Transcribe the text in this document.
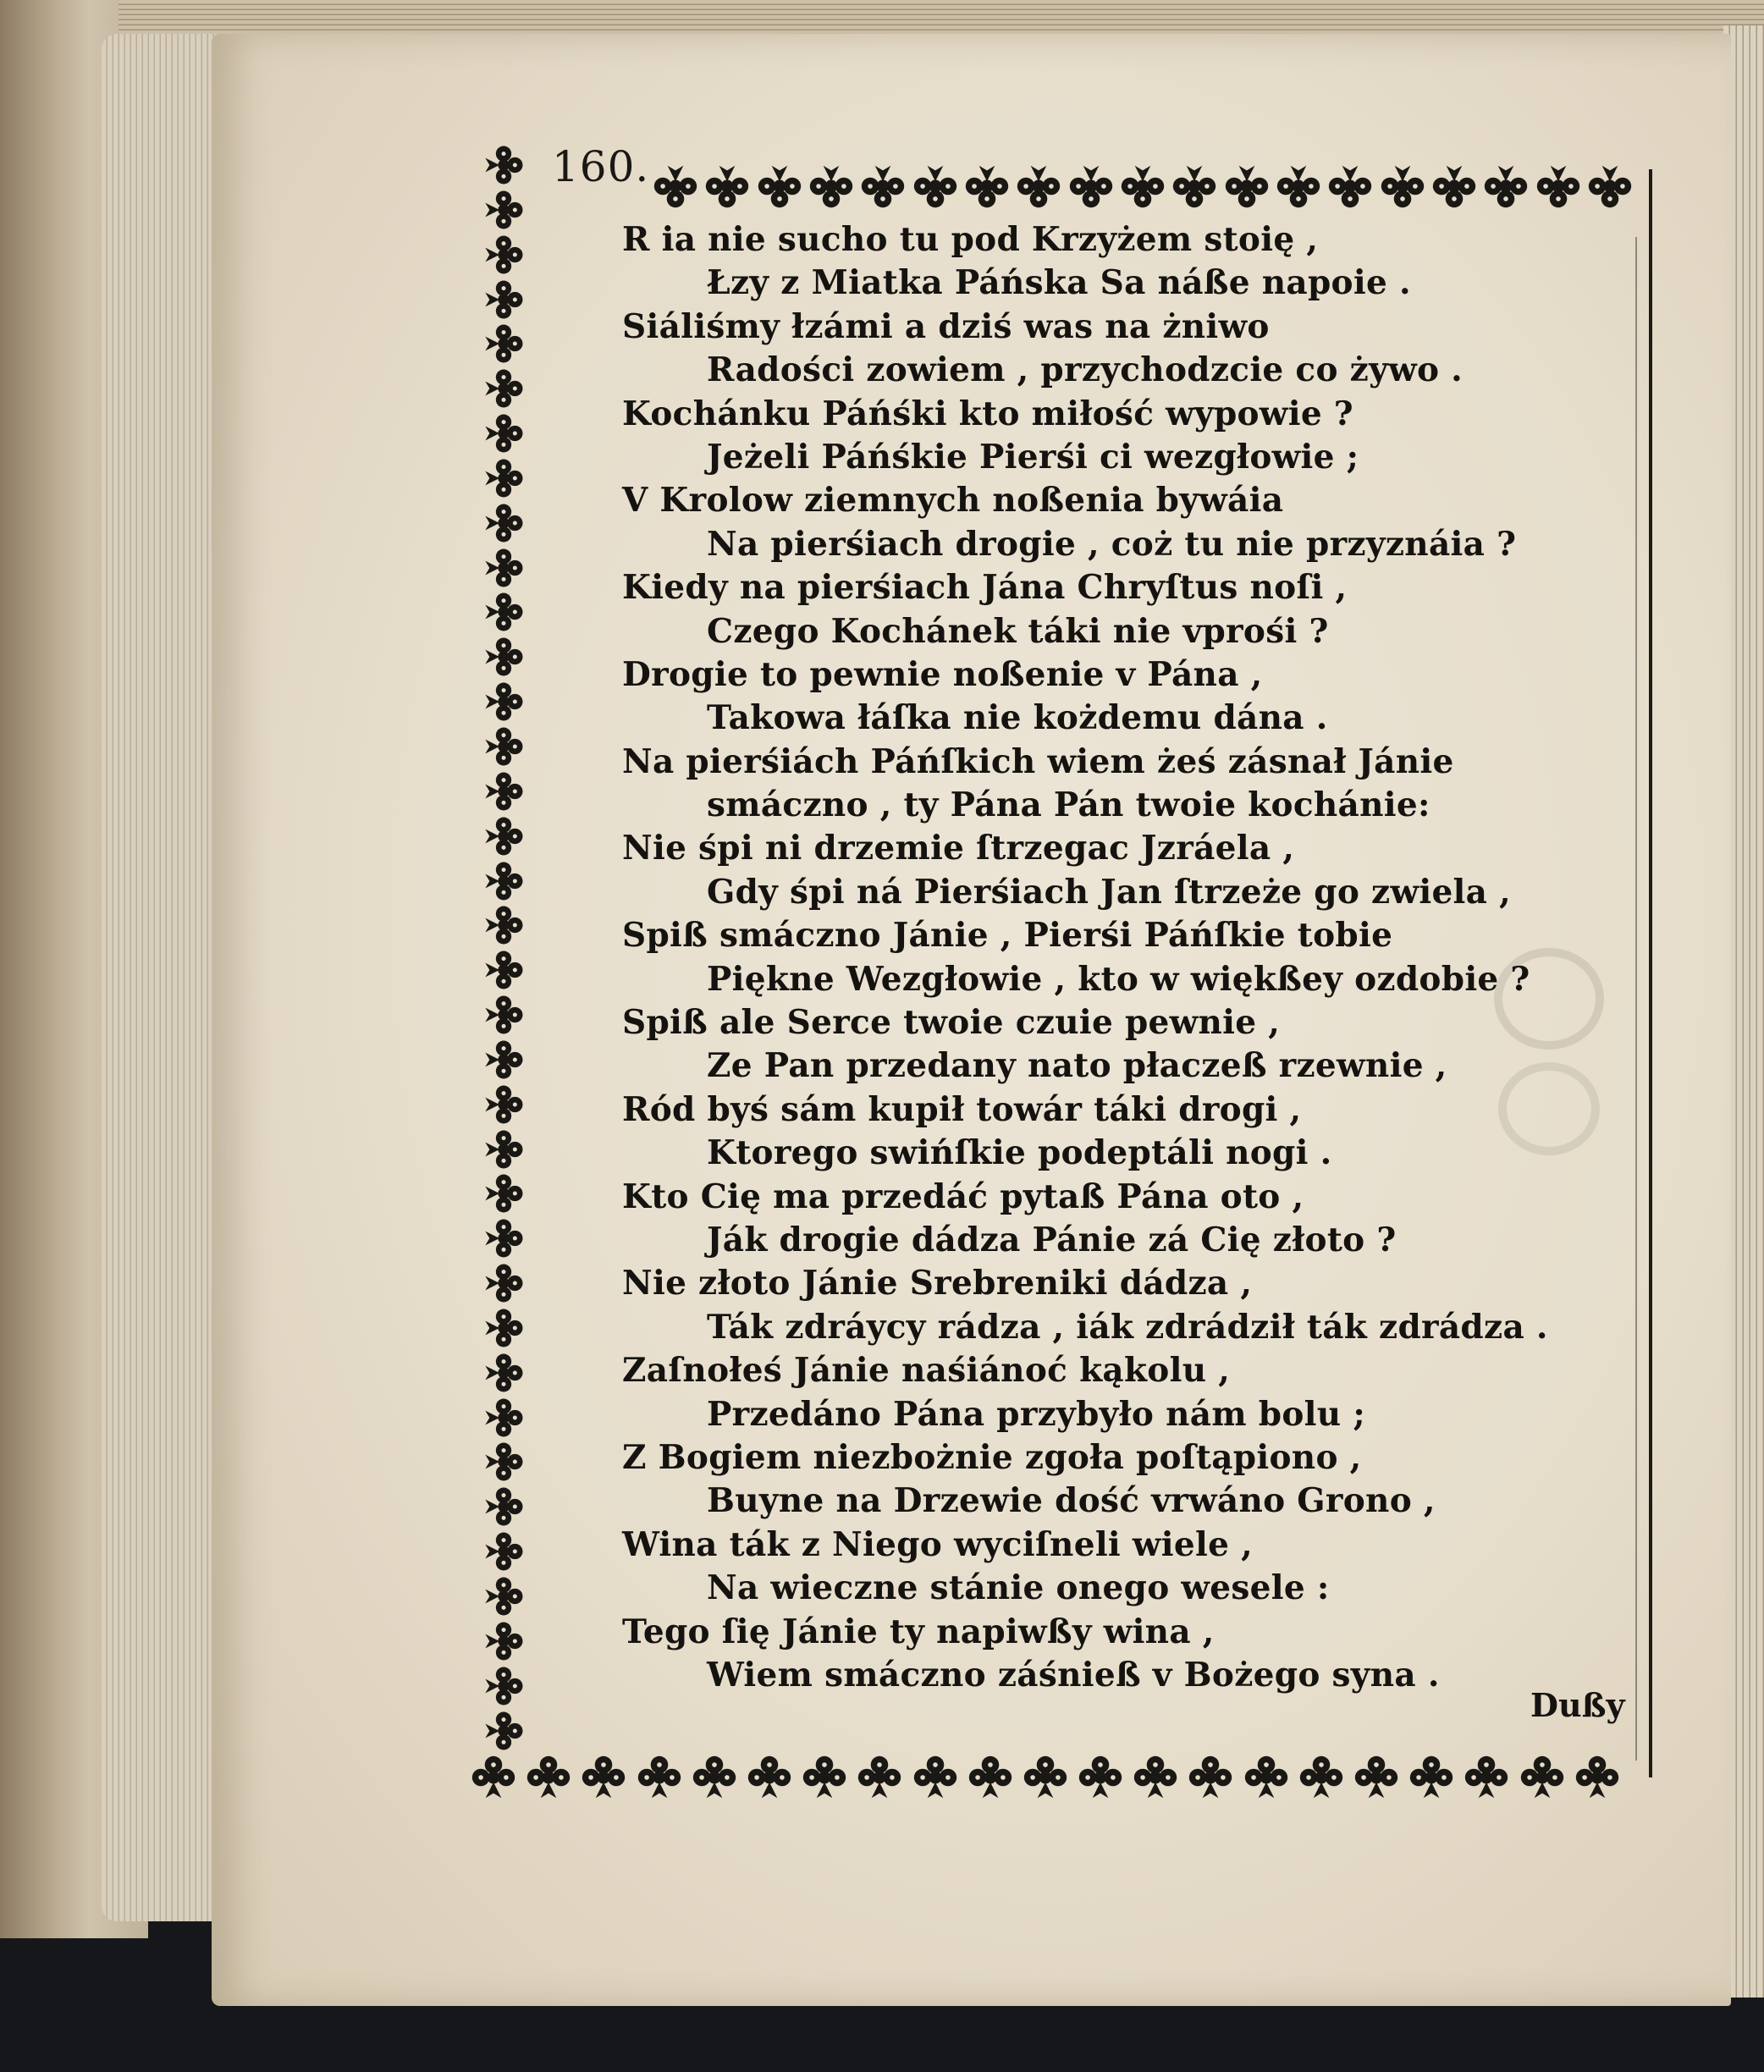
160.
R ia nie sucho tu pod Krzyżem stoię ,
Łzy z Miatka Páńska Sa náße napoie .
Siáliśmy łzámi a dziś was na żniwo
Radości zowiem , przychodzcie co żywo .
Kochánku Páńśki kto miłość wypowie ?
Jeżeli Páńśkie Pierśi ci wezgłowie ;
V Krolow ziemnych noßenia bywáia
Na pierśiach drogie , coż tu nie przyznáia ?
Kiedy na pierśiach Jána Chryſtus noſi ,
Czego Kochánek táki nie vprośi ?
Drogie to pewnie noßenie v Pána ,
Takowa łáſka nie kożdemu dána .
Na pierśiách Páńſkich wiem żeś zásnał Jánie
smáczno , ty Pána Pán twoie kochánie:
Nie śpi ni drzemie ſtrzegac Jzráela ,
Gdy śpi ná Pierśiach Jan ſtrzeże go zwiela ,
Spiß smáczno Jánie , Pierśi Páńſkie tobie
Piękne Wezgłowie , kto w więkßey ozdobie ?
Spiß ale Serce twoie czuie pewnie ,
Ze Pan przedany nato płaczeß rzewnie ,
Ród byś sám kupił towár táki drogi ,
Ktorego swińſkie podeptáli nogi .
Kto Cię ma przedáć pytaß Pána oto ,
Ják drogie dádza Pánie zá Cię złoto ?
Nie złoto Jánie Srebreniki dádza ,
Ták zdráycy rádza , iák zdrádził ták zdrádza .
Zaſnołeś Jánie naśiánoć kąkolu ,
Przedáno Pána przybyło nám bolu ;
Z Bogiem niezbożnie zgoła poſtąpiono ,
Buyne na Drzewie dość vrwáno Grono ,
Wina ták z Niego wyciſneli wiele ,
Na wieczne stánie onego wesele :
Tego ſię Jánie ty napiwßy wina ,
Wiem smáczno záśnieß v Bożego syna .
Dußy
